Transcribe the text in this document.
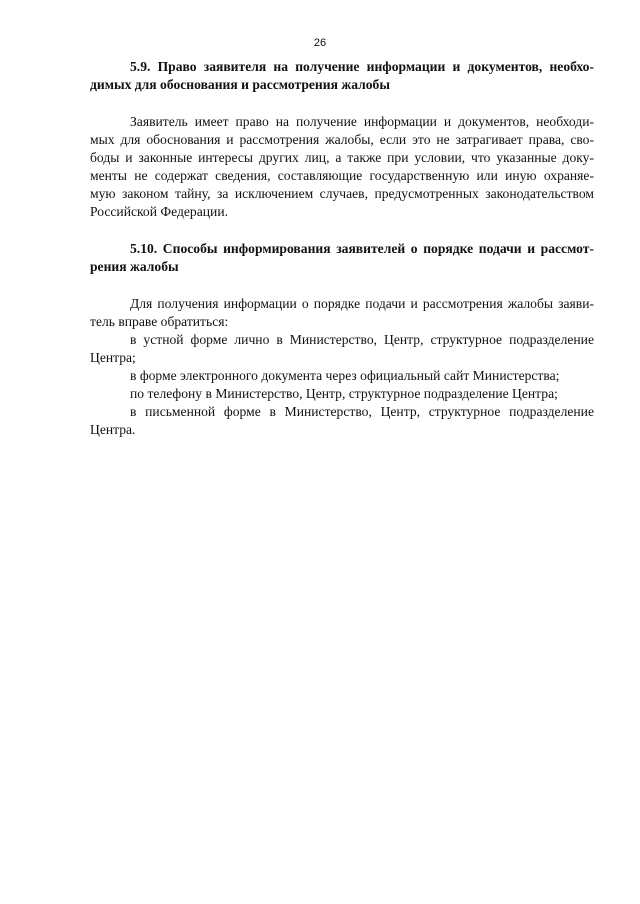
26
5.9. Право заявителя на получение информации и документов, необхо-
димых для обоснования и рассмотрения жалобы
Заявитель имеет право на получение информации и документов, необходи-
мых для обоснования и рассмотрения жалобы, если это не затрагивает права, сво-
боды и законные интересы других лиц, а также при условии, что указанные доку-
менты не содержат сведения, составляющие государственную или иную охраняе-
мую законом тайну, за исключением случаев, предусмотренных законодательством
Российской Федерации.
5.10. Способы информирования заявителей о порядке подачи и рассмот-
рения жалобы
Для получения информации о порядке подачи и рассмотрения жалобы заяви-
тель вправе обратиться:
в устной форме лично в Министерство, Центр, структурное подразделение
Центра;
в форме электронного документа через официальный сайт Министерства;
по телефону в Министерство, Центр, структурное подразделение Центра;
в письменной форме в Министерство, Центр, структурное подразделение
Центра.
